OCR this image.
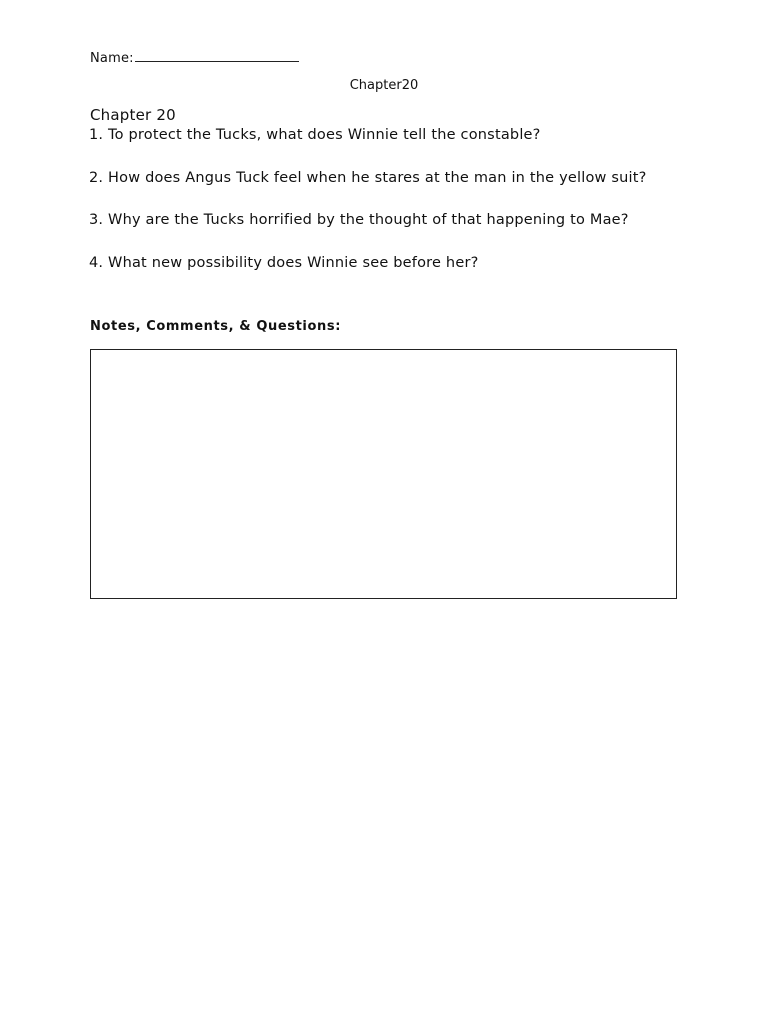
Name:
Chapter20
Chapter 20
1. To protect the Tucks, what does Winnie tell the constable?
2. How does Angus Tuck feel when he stares at the man in the yellow suit?
3. Why are the Tucks horrified by the thought of that happening to Mae?
4. What new possibility does Winnie see before her?
Notes, Comments, & Questions:
